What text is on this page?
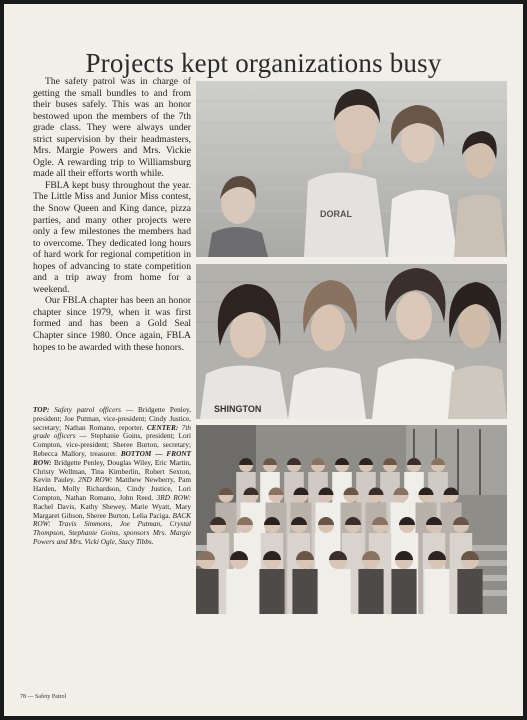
Projects kept organizations busy

The safety patrol was in charge of getting the small bundles to and from their buses safely. This was an honor bestowed upon the members of the 7th grade class. They were always under strict supervision by their headmasters, Mrs. Margie Powers and Mrs. Vickie Ogle. A rewarding trip to Williamsburg made all their efforts worth while.

FBLA kept busy throughout the year. The Little Miss and Junior Miss contest, the Snow Queen and King dance, pizza parties, and many other projects were only a few milestones the members had to overcome. They dedicated long hours of hard work for regional competition in hopes of advancing to state competition and a trip away from home for a weekend.

Our FBLA chapter has been an honor chapter since 1979, when it was first formed and has been a Gold Seal Chapter since 1980. Once again, FBLA hopes to be awarded with these honors.

TOP: Safety patrol officers — Bridgette Penley, president; Joe Putman, vice-president; Cindy Justice, secretary; Nathan Romano, reporter. CENTER: 7th grade officers — Stephanie Goins, president; Lori Compton, vice-president; Sheree Burton, secretary; Rebecca Mallory, treasurer. BOTTOM — FRONT ROW: Bridgette Penley, Douglas Wiley, Eric Martin, Christy Wellman, Tina Kimberlin, Robert Sexton, Kevin Pauley. 2ND ROW: Matthew Newberry, Pam Harden, Molly Richardson, Cindy Justice, Lori Compton, Nathan Romano, John Reed. 3RD ROW: Rachel Davis, Kathy Shewey, Marie Wyatt, Mary Margaret Gibson, Sheree Burton, Lelia Paciga. BACK ROW: Travis Simmons, Joe Putman, Crystal Thompson, Stephanie Goins, sponsors Mrs. Margie Powers and Mrs. Vicki Ogle, Stacy Tibbs.
DORAL
SHINGTON
78 — Safety Patrol
